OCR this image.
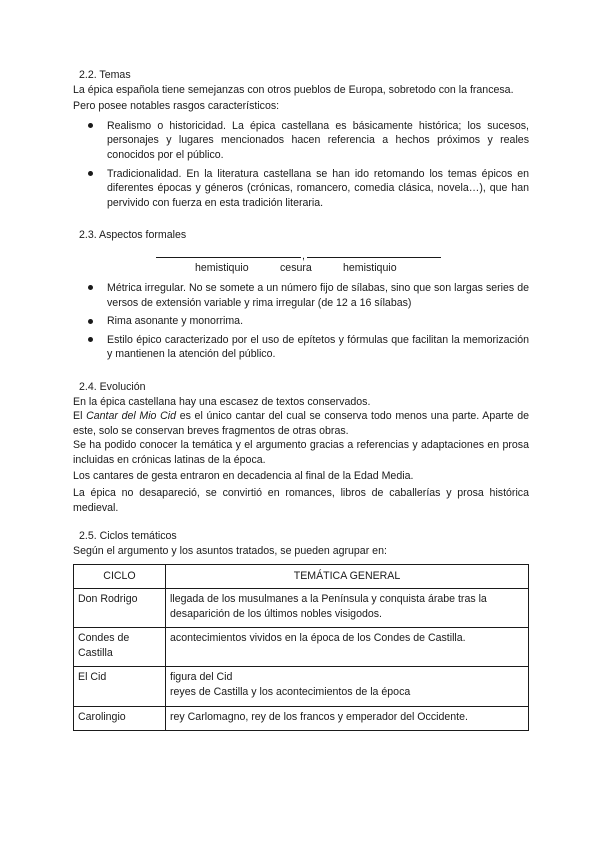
2.2. Temas

La épica española tiene semejanzas con otros pueblos de Europa, sobretodo con la francesa.

Pero posee notables rasgos característicos:

Realismo o historicidad. La épica castellana es básicamente histórica; los sucesos, personajes y lugares mencionados hacen referencia a hechos próximos y reales conocidos por el público.
Tradicionalidad. En la literatura castellana se han ido retomando los temas épicos en diferentes épocas y géneros (crónicas, romancero, comedia clásica, novela…), que han pervivido con fuerza en esta tradición literaria.

2.3. Aspectos formales

,
hemistiquio	cesura	hemistiquio
Métrica irregular. No se somete a un número fijo de sílabas, sino que son largas series de versos de extensión variable y rima irregular (de 12 a 16 sílabas)
Rima asonante y monorrima.
Estilo épico caracterizado por el uso de epítetos y fórmulas que facilitan la memorización y mantienen la atención del público.

2.4. Evolución

En la épica castellana hay una escasez de textos conservados.

El Cantar del Mio Cid es el único cantar del cual se conserva todo menos una parte. Aparte de este, solo se conservan breves fragmentos de otras obras.

Se ha podido conocer la temática y el argumento gracias a referencias y adaptaciones en prosa incluidas en crónicas latinas de la época.

Los cantares de gesta entraron en decadencia al final de la Edad Media.

La épica no desapareció, se convirtió en romances, libros de caballerías y prosa histórica medieval.

2.5. Ciclos temáticos

Según el argumento y los asuntos tratados, se pueden agrupar en:

CICLO	TEMÁTICA GENERAL
Don Rodrigo	llegada de los musulmanes a la Península y conquista árabe tras la desaparición de los últimos nobles visigodos.
Condes de Castilla	acontecimientos vividos en la época de los Condes de Castilla.
El Cid	figura del Cid
reyes de Castilla y los acontecimientos de la época

Carolingio	rey Carlomagno, rey de los francos y emperador del Occidente.
